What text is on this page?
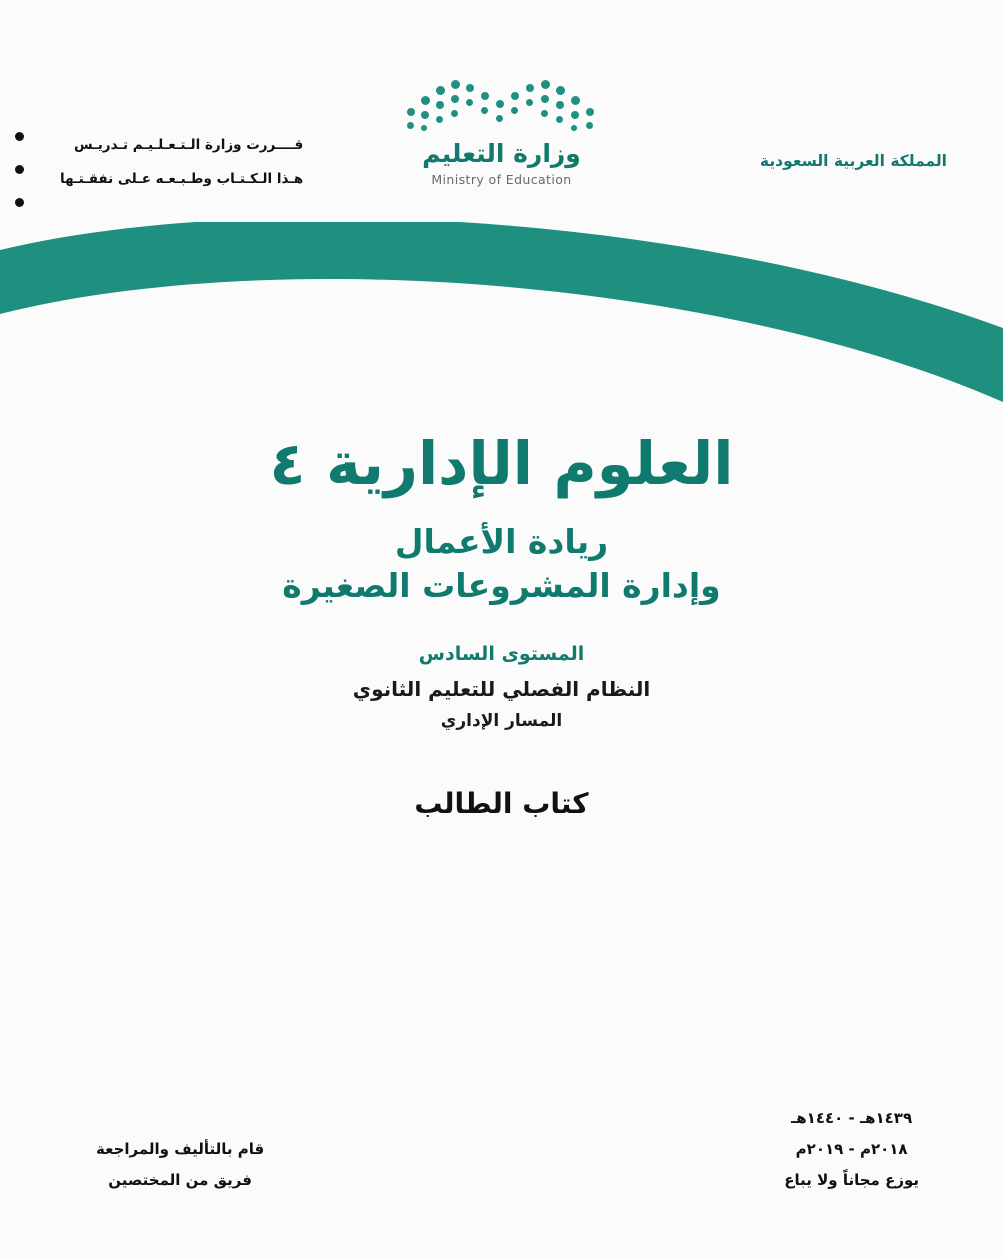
المملكة العربية السعودية
وزارة التعليم
Ministry of Education
قــــررت وزارة الـتـعـلـيـم تـدريـس
هـذا الـكـتـاب وطـبـعـه عـلى نفقـتـها
العلوم الإدارية ٤
ريادة الأعمال
وإدارة المشروعات الصغيرة
المستوى السادس
النظام الفصلي للتعليم الثانوي
المسار الإداري
كتاب الطالب
١٤٣٩هـ - ١٤٤٠هـ
٢٠١٨م - ٢٠١٩م
يوزع مجاناً ولا يباع
قام بالتأليف والمراجعة
فريق من المختصين
